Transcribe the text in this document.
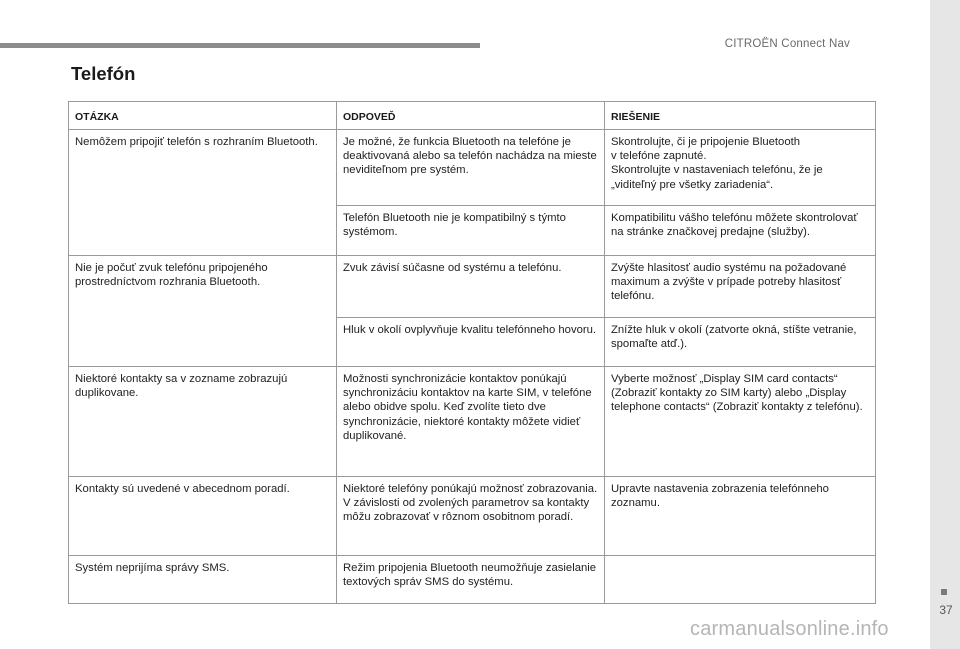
CITROËN Connect Nav
Telefón
OTÁZKA	ODPOVEĎ	RIEŠENIE
Nemôžem pripojiť telefón s rozhraním Bluetooth.	Je možné, že funkcia Bluetooth na telefóne je deaktivovaná alebo sa telefón nachádza na mieste neviditeľnom pre systém.	Skontrolujte, či je pripojenie Bluetooth
v telefóne zapnuté.
Skontrolujte v nastaveniach telefónu, že je
„viditeľný pre všetky zariadenia“.
	Telefón Bluetooth nie je kompatibilný s týmto systémom.	Kompatibilitu vášho telefónu môžete skontrolovať na stránke značkovej predajne (služby).
Nie je počuť zvuk telefónu pripojeného prostredníctvom rozhrania Bluetooth.	Zvuk závisí súčasne od systému a telefónu.	Zvýšte hlasitosť audio systému na požadované maximum a zvýšte v prípade potreby hlasitosť telefónu.
	Hluk v okolí ovplyvňuje kvalitu telefónneho hovoru.	Znížte hluk v okolí (zatvorte okná, stíšte vetranie, spomaľte atď.).
Niektoré kontakty sa v zozname zobrazujú duplikovane.	Možnosti synchronizácie kontaktov ponúkajú synchronizáciu kontaktov na karte SIM, v telefóne alebo obidve spolu. Keď zvolíte tieto dve synchronizácie, niektoré kontakty môžete vidieť duplikované.	Vyberte možnosť „Display SIM card contacts“ (Zobraziť kontakty zo SIM karty) alebo „Display telephone contacts“ (Zobraziť kontakty z telefónu).
Kontakty sú uvedené v abecednom poradí.	Niektoré telefóny ponúkajú možnosť zobrazovania. V závislosti od zvolených parametrov sa kontakty môžu zobrazovať v rôznom osobitnom poradí.	Upravte nastavenia zobrazenia telefónneho zoznamu.
Systém neprijíma správy SMS.	Režim pripojenia Bluetooth neumožňuje zasielanie textových správ SMS do systému.	
37
carmanualsonline.info
